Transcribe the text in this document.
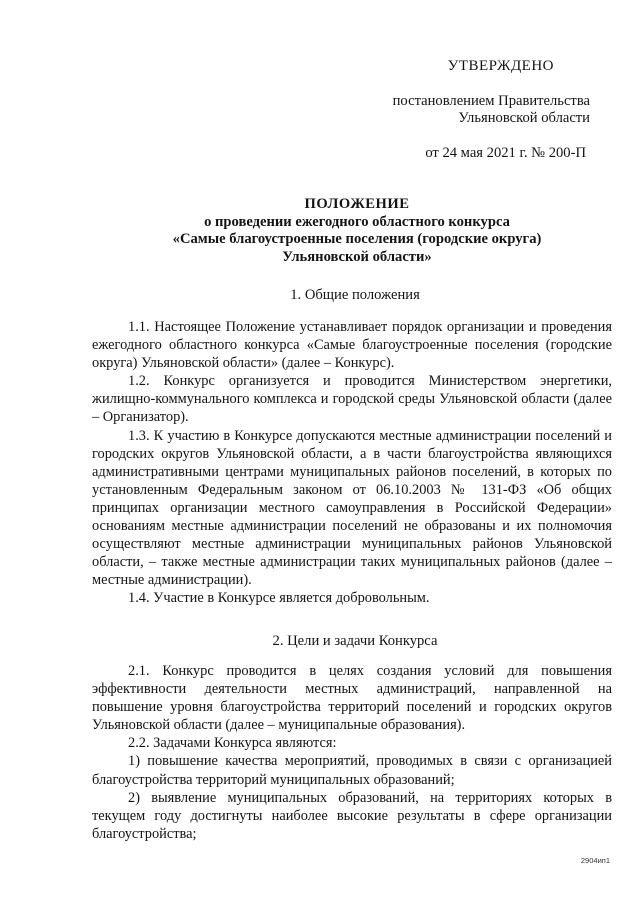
УТВЕРЖДЕНО
постановлением Правительства
Ульяновской области
от 24 мая 2021 г. № 200-П
ПОЛОЖЕНИЕ
о проведении ежегодного областного конкурса
«Самые благоустроенные поселения (городские округа)
Ульяновской области»
1. Общие положения

1.1. Настоящее Положение устанавливает порядок организации и проведения ежегодного областного конкурса «Самые благоустроенные поселения (городские округа) Ульяновской области» (далее – Конкурс).

1.2. Конкурс организуется и проводится Министерством энергетики, жилищно-коммунального комплекса и городской среды Ульяновской области (далее – Организатор).

1.3. К участию в Конкурсе допускаются местные администрации поселений и городских округов Ульяновской области, а в части благоустройства являющихся административными центрами муниципальных районов поселений, в которых по установленным Федеральным законом от 06.10.2003 № 131-ФЗ «Об общих принципах организации местного самоуправления в Российской Федерации» основаниям местные администрации поселений не образованы и их полномочия осуществляют местные администрации муниципальных районов Ульяновской области, – также местные администрации таких муниципальных районов (далее – местные администрации).

1.4. Участие в Конкурсе является добровольным.

2. Цели и задачи Конкурса

2.1. Конкурс проводится в целях создания условий для повышения эффективности деятельности местных администраций, направленной на повышение уровня благоустройства территорий поселений и городских округов Ульяновской области (далее – муниципальные образования).

2.2. Задачами Конкурса являются:

1) повышение качества мероприятий, проводимых в связи с организацией благоустройства территорий муниципальных образований;

2) выявление муниципальных образований, на территориях которых в текущем году достигнуты наиболее высокие результаты в сфере организации благоустройства;

2904ип1
